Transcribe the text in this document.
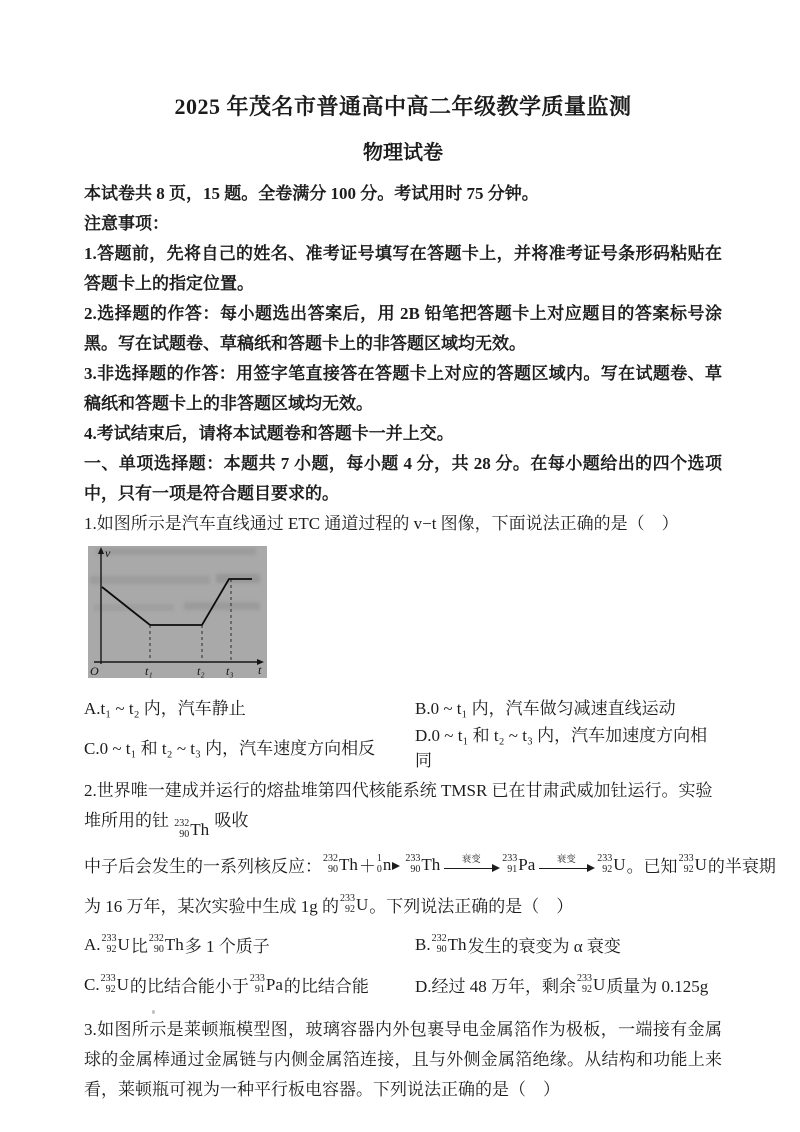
2025 年茂名市普通高中高二年级教学质量监测
物理试卷

本试卷共 8 页，15 题。全卷满分 100 分。考试用时 75 分钟。

注意事项：

1.答题前，先将自己的姓名、准考证号填写在答题卡上，并将准考证号条形码粘贴在答题卡上的指定位置。

2.选择题的作答：每小题选出答案后，用 2B 铅笔把答题卡上对应题目的答案标号涂黑。写在试题卷、草稿纸和答题卡上的非答题区域均无效。

3.非选择题的作答：用签字笔直接答在答题卡上对应的答题区域内。写在试题卷、草稿纸和答题卡上的非答题区域均无效。

4.考试结束后，请将本试题卷和答题卡一并上交。

一、单项选择题：本题共 7 小题，每小题 4 分，共 28 分。在每小题给出的四个选项中，只有一项是符合题目要求的。

1.如图所示是汽车直线通过 ETC 通道过程的 v−t 图像，下面说法正确的是（　）

v
O	t₁	t₂ t₃ t
A.t₁ ~ t₂ 内，汽车静止	B.0 ~ t₁ 内，汽车做匀减速直线运动
C.0 ~ t₁ 和 t₂ ~ t₃ 内，汽车速度方向相反
D.0 ~ t₁ 和 t₂ ~ t₃ 内，汽车加速度方向相同
2.世界唯一建成并运行的熔盐堆第四代核能系统 TMSR 已在甘肃武威加钍运行。实验堆所用的钍 232
90 Th 吸收
中子后会发生的一系列核反应： 232
90 Th ＋ 1
0 n 233
90 Th 衰变 233
91 Pa 衰变 233
92 U 。已知 233
92 U 的半衰期
为 16 万年，某次实验中生成 1g 的 233
92 U 。下列说法正确的是（　）
A. 233
92 U 比 232
90 Th 多 1 个质子	B. 232
90 Th 发生的衰变为 α 衰变
C. 233
92 U 的比结合能小于 233
91 Pa 的比结合能	D.经过 48 万年，剩余 233
92 U 质量为 0.125g

3.如图所示是莱顿瓶模型图，玻璃容器内外包裹导电金属箔作为极板，一端接有金属球的金属棒通过金属链与内侧金属箔连接，且与外侧金属箔绝缘。从结构和功能上来看，莱顿瓶可视为一种平行板电容器。下列说法正确的是（　）
